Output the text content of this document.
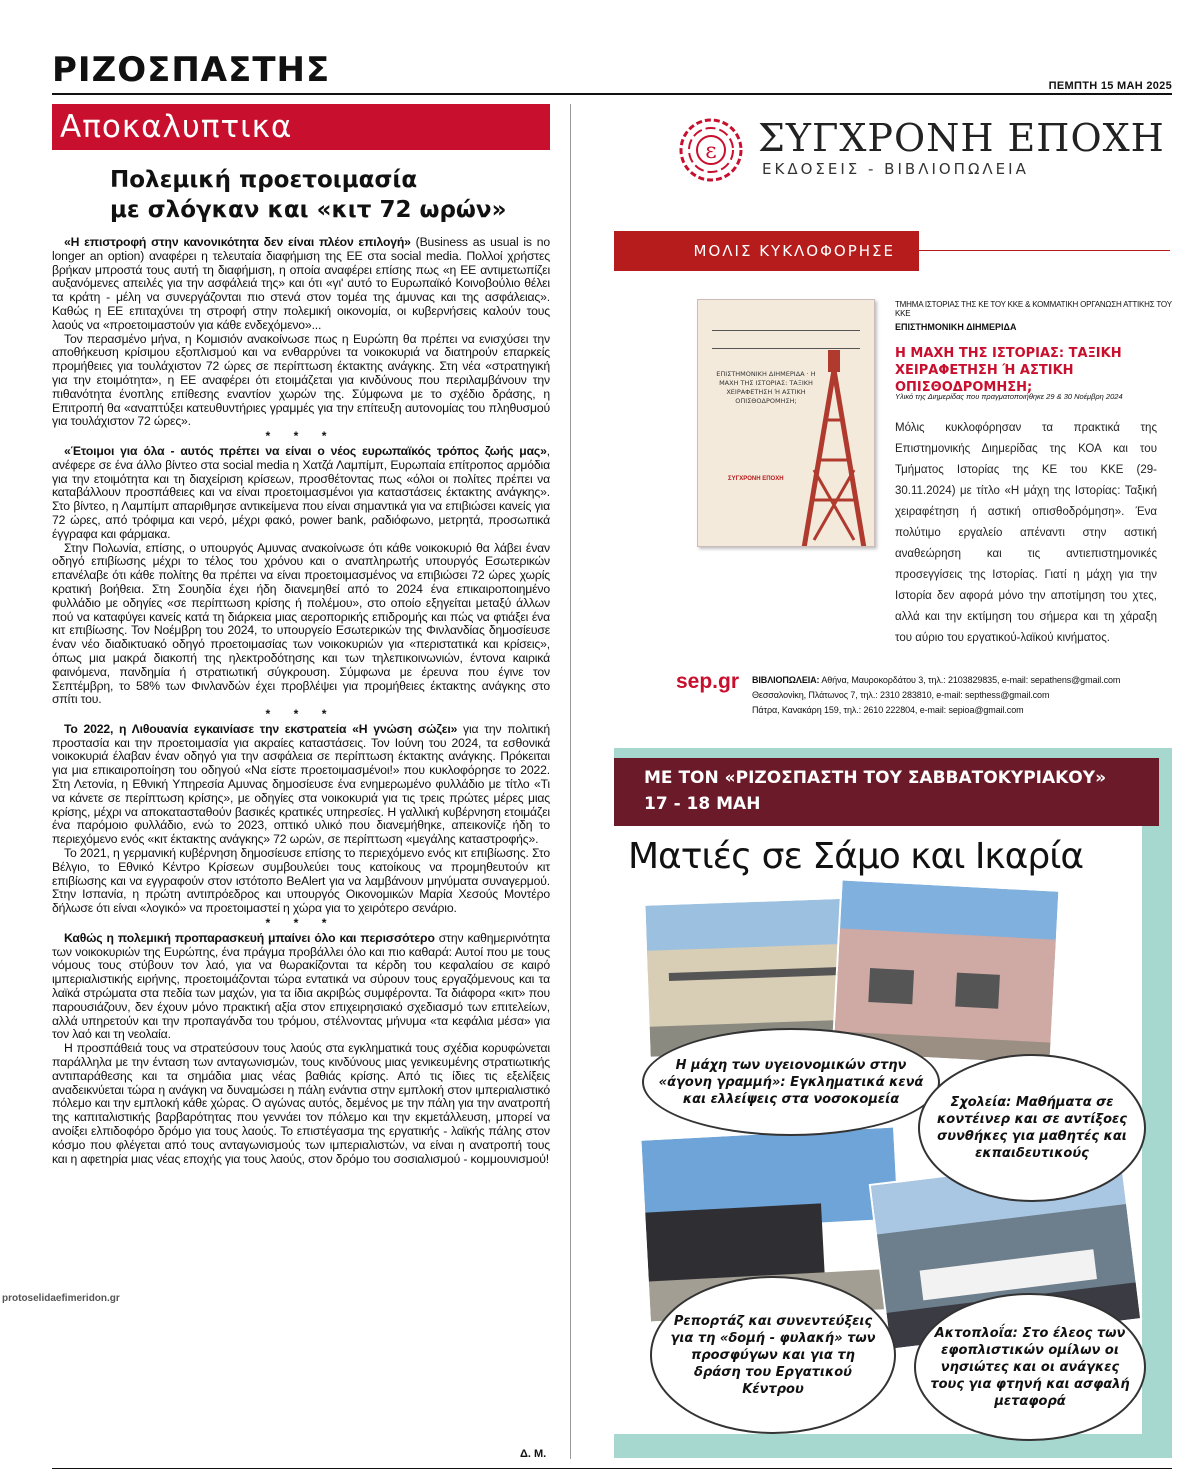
ΡΙΖΟΣΠΑΣΤΗΣ	ΠΕΜΠΤΗ 15 ΜΑΗ 2025
Αποκαλυπτικα
Πολεμική προετοιμασία
με σλόγκαν και «κιτ 72 ωρών»

«Η επιστροφή στην κανονικότητα δεν είναι πλέον επιλογή» (Business as usual is no longer an option) αναφέρει η τελευταία διαφήμιση της ΕΕ στα social media. Πολλοί χρήστες βρήκαν μπροστά τους αυτή τη διαφήμιση, η οποία αναφέρει επίσης πως «η ΕΕ αντιμετωπίζει αυξανόμενες απειλές για την ασφάλειά της» και ότι «γι' αυτό το Ευρωπαϊκό Κοινοβούλιο θέλει τα κράτη - μέλη να συνεργάζονται πιο στενά στον τομέα της άμυνας και της ασφάλειας». Καθώς η ΕΕ επιταχύνει τη στροφή στην πολεμική οικονομία, οι κυβερνήσεις καλούν τους λαούς να «προετοιμαστούν για κάθε ενδεχόμενο»...

Τον περασμένο μήνα, η Κομισιόν ανακοίνωσε πως η Ευρώπη θα πρέπει να ενισχύσει την αποθήκευση κρίσιμου εξοπλισμού και να ενθαρρύνει τα νοικοκυριά να διατηρούν επαρκείς προμήθειες για τουλάχιστον 72 ώρες σε περίπτωση έκτακτης ανάγκης. Στη νέα «στρατηγική για την ετοιμότητα», η ΕΕ αναφέρει ότι ετοιμάζεται για κινδύνους που περιλαμβάνουν την πιθανότητα ένοπλης επίθεσης εναντίον χωρών της. Σύμφωνα με το σχέδιο δράσης, η Επιτροπή θα «αναπτύξει κατευθυντήριες γραμμές για την επίτευξη αυτονομίας του πληθυσμού για τουλάχιστον 72 ώρες».

* * *

«Έτοιμοι για όλα - αυτός πρέπει να είναι ο νέος ευρωπαϊκός τρόπος ζωής μας», ανέφερε σε ένα άλλο βίντεο στα social media η Χατζά Λαμπίμπ, Ευρωπαία επίτροπος αρμόδια για την ετοιμότητα και τη διαχείριση κρίσεων, προσθέτοντας πως «όλοι οι πολίτες πρέπει να καταβάλλουν προσπάθειες και να είναι προετοιμασμένοι για καταστάσεις έκτακτης ανάγκης». Στο βίντεο, η Λαμπίμπ απαριθμησε αντικείμενα που είναι σημαντικά για να επιβιώσει κανείς για 72 ώρες, από τρόφιμα και νερό, μέχρι φακό, power bank, ραδιόφωνο, μετρητά, προσωπικά έγγραφα και φάρμακα.

Στην Πολωνία, επίσης, ο υπουργός Αμυνας ανακοίνωσε ότι κάθε νοικοκυριό θα λάβει έναν οδηγό επιβίωσης μέχρι το τέλος του χρόνου και ο αναπληρωτής υπουργός Εσωτερικών επανέλαβε ότι κάθε πολίτης θα πρέπει να είναι προετοιμασμένος να επιβιώσει 72 ώρες χωρίς κρατική βοήθεια. Στη Σουηδία έχει ήδη διανεμηθεί από το 2024 ένα επικαιροποιημένο φυλλάδιο με οδηγίες «σε περίπτωση κρίσης ή πολέμου», στο οποίο εξηγείται μεταξύ άλλων πού να καταφύγει κανείς κατά τη διάρκεια μιας αεροπορικής επιδρομής και πώς να φτιάξει ένα κιτ επιβίωσης. Τον Νοέμβρη του 2024, το υπουργείο Εσωτερικών της Φινλανδίας δημοσίευσε έναν νέο διαδικτυακό οδηγό προετοιμασίας των νοικοκυριών για «περιστατικά και κρίσεις», όπως μια μακρά διακοπή της ηλεκτροδότησης και των τηλεπικοινωνιών, έντονα καιρικά φαινόμενα, πανδημία ή στρατιωτική σύγκρουση. Σύμφωνα με έρευνα που έγινε τον Σεπτέμβρη, το 58% των Φινλανδών έχει προβλέψει για προμήθειες έκτακτης ανάγκης στο σπίτι του.

* * *

Το 2022, η Λιθουανία εγκαινίασε την εκστρατεία «Η γνώση σώζει» για την πολιτική προστασία και την προετοιμασία για ακραίες καταστάσεις. Τον Ιούνη του 2024, τα εσθονικά νοικοκυριά έλαβαν έναν οδηγό για την ασφάλεια σε περίπτωση έκτακτης ανάγκης. Πρόκειται για μια επικαιροποίηση του οδηγού «Να είστε προετοιμασμένοι!» που κυκλοφόρησε το 2022. Στη Λετονία, η Εθνική Υπηρεσία Αμυνας δημοσίευσε ένα ενημερωμένο φυλλάδιο με τίτλο «Τι να κάνετε σε περίπτωση κρίσης», με οδηγίες στα νοικοκυριά για τις τρεις πρώτες μέρες μιας κρίσης, μέχρι να αποκατασταθούν βασικές κρατικές υπηρεσίες. Η γαλλική κυβέρνηση ετοιμάζει ένα παρόμοιο φυλλάδιο, ενώ το 2023, οπτικό υλικό που διανεμήθηκε, απεικονίζε ήδη το περιεχόμενο ενός «κιτ έκτακτης ανάγκης» 72 ωρών, σε περίπτωση «μεγάλης καταστροφής».

Το 2021, η γερμανική κυβέρνηση δημοσίευσε επίσης το περιεχόμενο ενός κιτ επιβίωσης. Στο Βέλγιο, το Εθνικό Κέντρο Κρίσεων συμβουλεύει τους κατοίκους να προμηθευτούν κιτ επιβίωσης και να εγγραφούν στον ιστότοπο BeAlert για να λαμβάνουν μηνύματα συναγερμού. Στην Ισπανία, η πρώτη αντιπρόεδρος και υπουργός Οικονομικών Μαρία Χεσούς Μοντέρο δήλωσε ότι είναι «λογικό» να προετοιμαστεί η χώρα για το χειρότερο σενάριο.

* * *

Καθώς η πολεμική προπαρασκευή μπαίνει όλο και περισσότερο στην καθημερινότητα των νοικοκυριών της Ευρώπης, ένα πράγμα προβάλλει όλο και πιο καθαρά: Αυτοί που με τους νόμους τους στύβουν τον λαό, για να θωρακίζονται τα κέρδη του κεφαλαίου σε καιρό ιμπεριαλιστικής ειρήνης, προετοιμάζονται τώρα εντατικά να σύρουν τους εργαζόμενους και τα λαϊκά στρώματα στα πεδία των μαχών, για τα ίδια ακριβώς συμφέροντα. Τα διάφορα «κιτ» που παρουσιάζουν, δεν έχουν μόνο πρακτική αξία στον επιχειρησιακό σχεδιασμό των επιτελείων, αλλά υπηρετούν και την προπαγάνδα του τρόμου, στέλνοντας μήνυμα «τα κεφάλια μέσα» για τον λαό και τη νεολαία.

Η προσπάθειά τους να στρατεύσουν τους λαούς στα εγκληματικά τους σχέδια κορυφώνεται παράλληλα με την ένταση των ανταγωνισμών, τους κινδύνους μιας γενικευμένης στρατιωτικής αντιπαράθεσης και τα σημάδια μιας νέας βαθιάς κρίσης. Από τις ίδιες τις εξελίξεις αναδεικνύεται τώρα η ανάγκη να δυναμώσει η πάλη ενάντια στην εμπλοκή στον ιμπεριαλιστικό πόλεμο και την εμπλοκή κάθε χώρας. Ο αγώνας αυτός, δεμένος με την πάλη για την ανατροπή της καπιταλιστικής βαρβαρότητας που γεννάει τον πόλεμο και την εκμετάλλευση, μπορεί να ανοίξει ελπιδοφόρο δρόμο για τους λαούς. Το επιστέγασμα της εργατικής - λαϊκής πάλης στον κόσμο που φλέγεται από τους ανταγωνισμούς των ιμπεριαλιστών, να είναι η ανατροπή τους και η αφετηρία μιας νέας εποχής για τους λαούς, στον δρόμο του σοσιαλισμού - κομμουνισμού!

Δ. Μ.
protoselidaefimeridon.gr
ε ΣΥΓΧΡΟΝΗ ΕΠΟΧΗ
ΕΚΔΟΣΕΙΣ - ΒΙΒΛΙΟΠΩΛΕΙΑ
ΜΟΛΙΣ ΚΥΚΛΟΦΟΡΗΣΕ
ΕΠΙΣΤΗΜΟΝΙΚΗ ΔΙΗΜΕΡΙΔΑ · Η ΜΑΧΗ ΤΗΣ ΙΣΤΟΡΙΑΣ: ΤΑΞΙΚΗ ΧΕΙΡΑΦΕΤΗΣΗ Ή ΑΣΤΙΚΗ ΟΠΙΣΘΟΔΡΟΜΗΣΗ;
ΣΥΓΧΡΟΝΗ ΕΠΟΧΗ
ΤΜΗΜΑ ΙΣΤΟΡΙΑΣ ΤΗΣ ΚΕ ΤΟΥ ΚΚΕ & ΚΟΜΜΑΤΙΚΗ ΟΡΓΑΝΩΣΗ ΑΤΤΙΚΗΣ ΤΟΥ ΚΚΕ
ΕΠΙΣΤΗΜΟΝΙΚΗ ΔΙΗΜΕΡΙΔΑ
Η ΜΑΧΗ ΤΗΣ ΙΣΤΟΡΙΑΣ: ΤΑΞΙΚΗ ΧΕΙΡΑΦΕΤΗΣΗ Ή ΑΣΤΙΚΗ ΟΠΙΣΘΟΔΡΟΜΗΣΗ;
Υλικό της Διημερίδας που πραγματοποιήθηκε 29 & 30 Νοέμβρη 2024
Μόλις κυκλοφόρησαν τα πρακτικά της Επιστημονικής Διημερίδας της ΚΟΑ και του Τμήματος Ιστορίας της ΚΕ του ΚΚΕ (29-30.11.2024) με τίτλο «Η μάχη της Ιστορίας: Ταξική χειραφέτηση ή αστική οπισθοδρόμηση». Ένα πολύτιμο εργαλείο απέναντι στην αστική αναθεώρηση και τις αντιεπιστημονικές προσεγγίσεις της Ιστορίας. Γιατί η μάχη για την Ιστορία δεν αφορά μόνο την αποτίμηση του χτες, αλλά και την εκτίμηση του σήμερα και τη χάραξη του αύριο του εργατικού-λαϊκού κινήματος.
sep.gr ΒΙΒΛΙΟΠΩΛΕΙΑ: Αθήνα, Μαυροκορδάτου 3, τηλ.: 2103829835, e-mail: sepathens@gmail.com
Θεσσαλονίκη, Πλάτωνος 7, τηλ.: 2310 283810, e-mail: septhess@gmail.com
Πάτρα, Κανακάρη 159, τηλ.: 2610 222804, e-mail: sepioa@gmail.com
ΜΕ ΤΟΝ «ΡΙΖΟΣΠΑΣΤΗ ΤΟΥ ΣΑΒΒΑΤΟΚΥΡΙΑΚΟΥ»
17 - 18 ΜΑΗ
Ματιές σε Σάμο και Ικαρία
Η μάχη των υγειονομικών στην «άγονη γραμμή»: Εγκληματικά κενά και ελλείψεις στα νοσοκομεία	Σχολεία: Μαθήματα σε κοντέινερ και σε αντίξοες συνθήκες για μαθητές και εκπαιδευτικούς
Ρεπορτάζ και συνεντεύξεις για τη «δομή - φυλακή» των προσφύγων και για τη δράση του Εργατικού Κέντρου
Ακτοπλοΐα: Στο έλεος των εφοπλιστικών ομίλων οι νησιώτες και οι ανάγκες τους για φτηνή και ασφαλή μεταφορά
